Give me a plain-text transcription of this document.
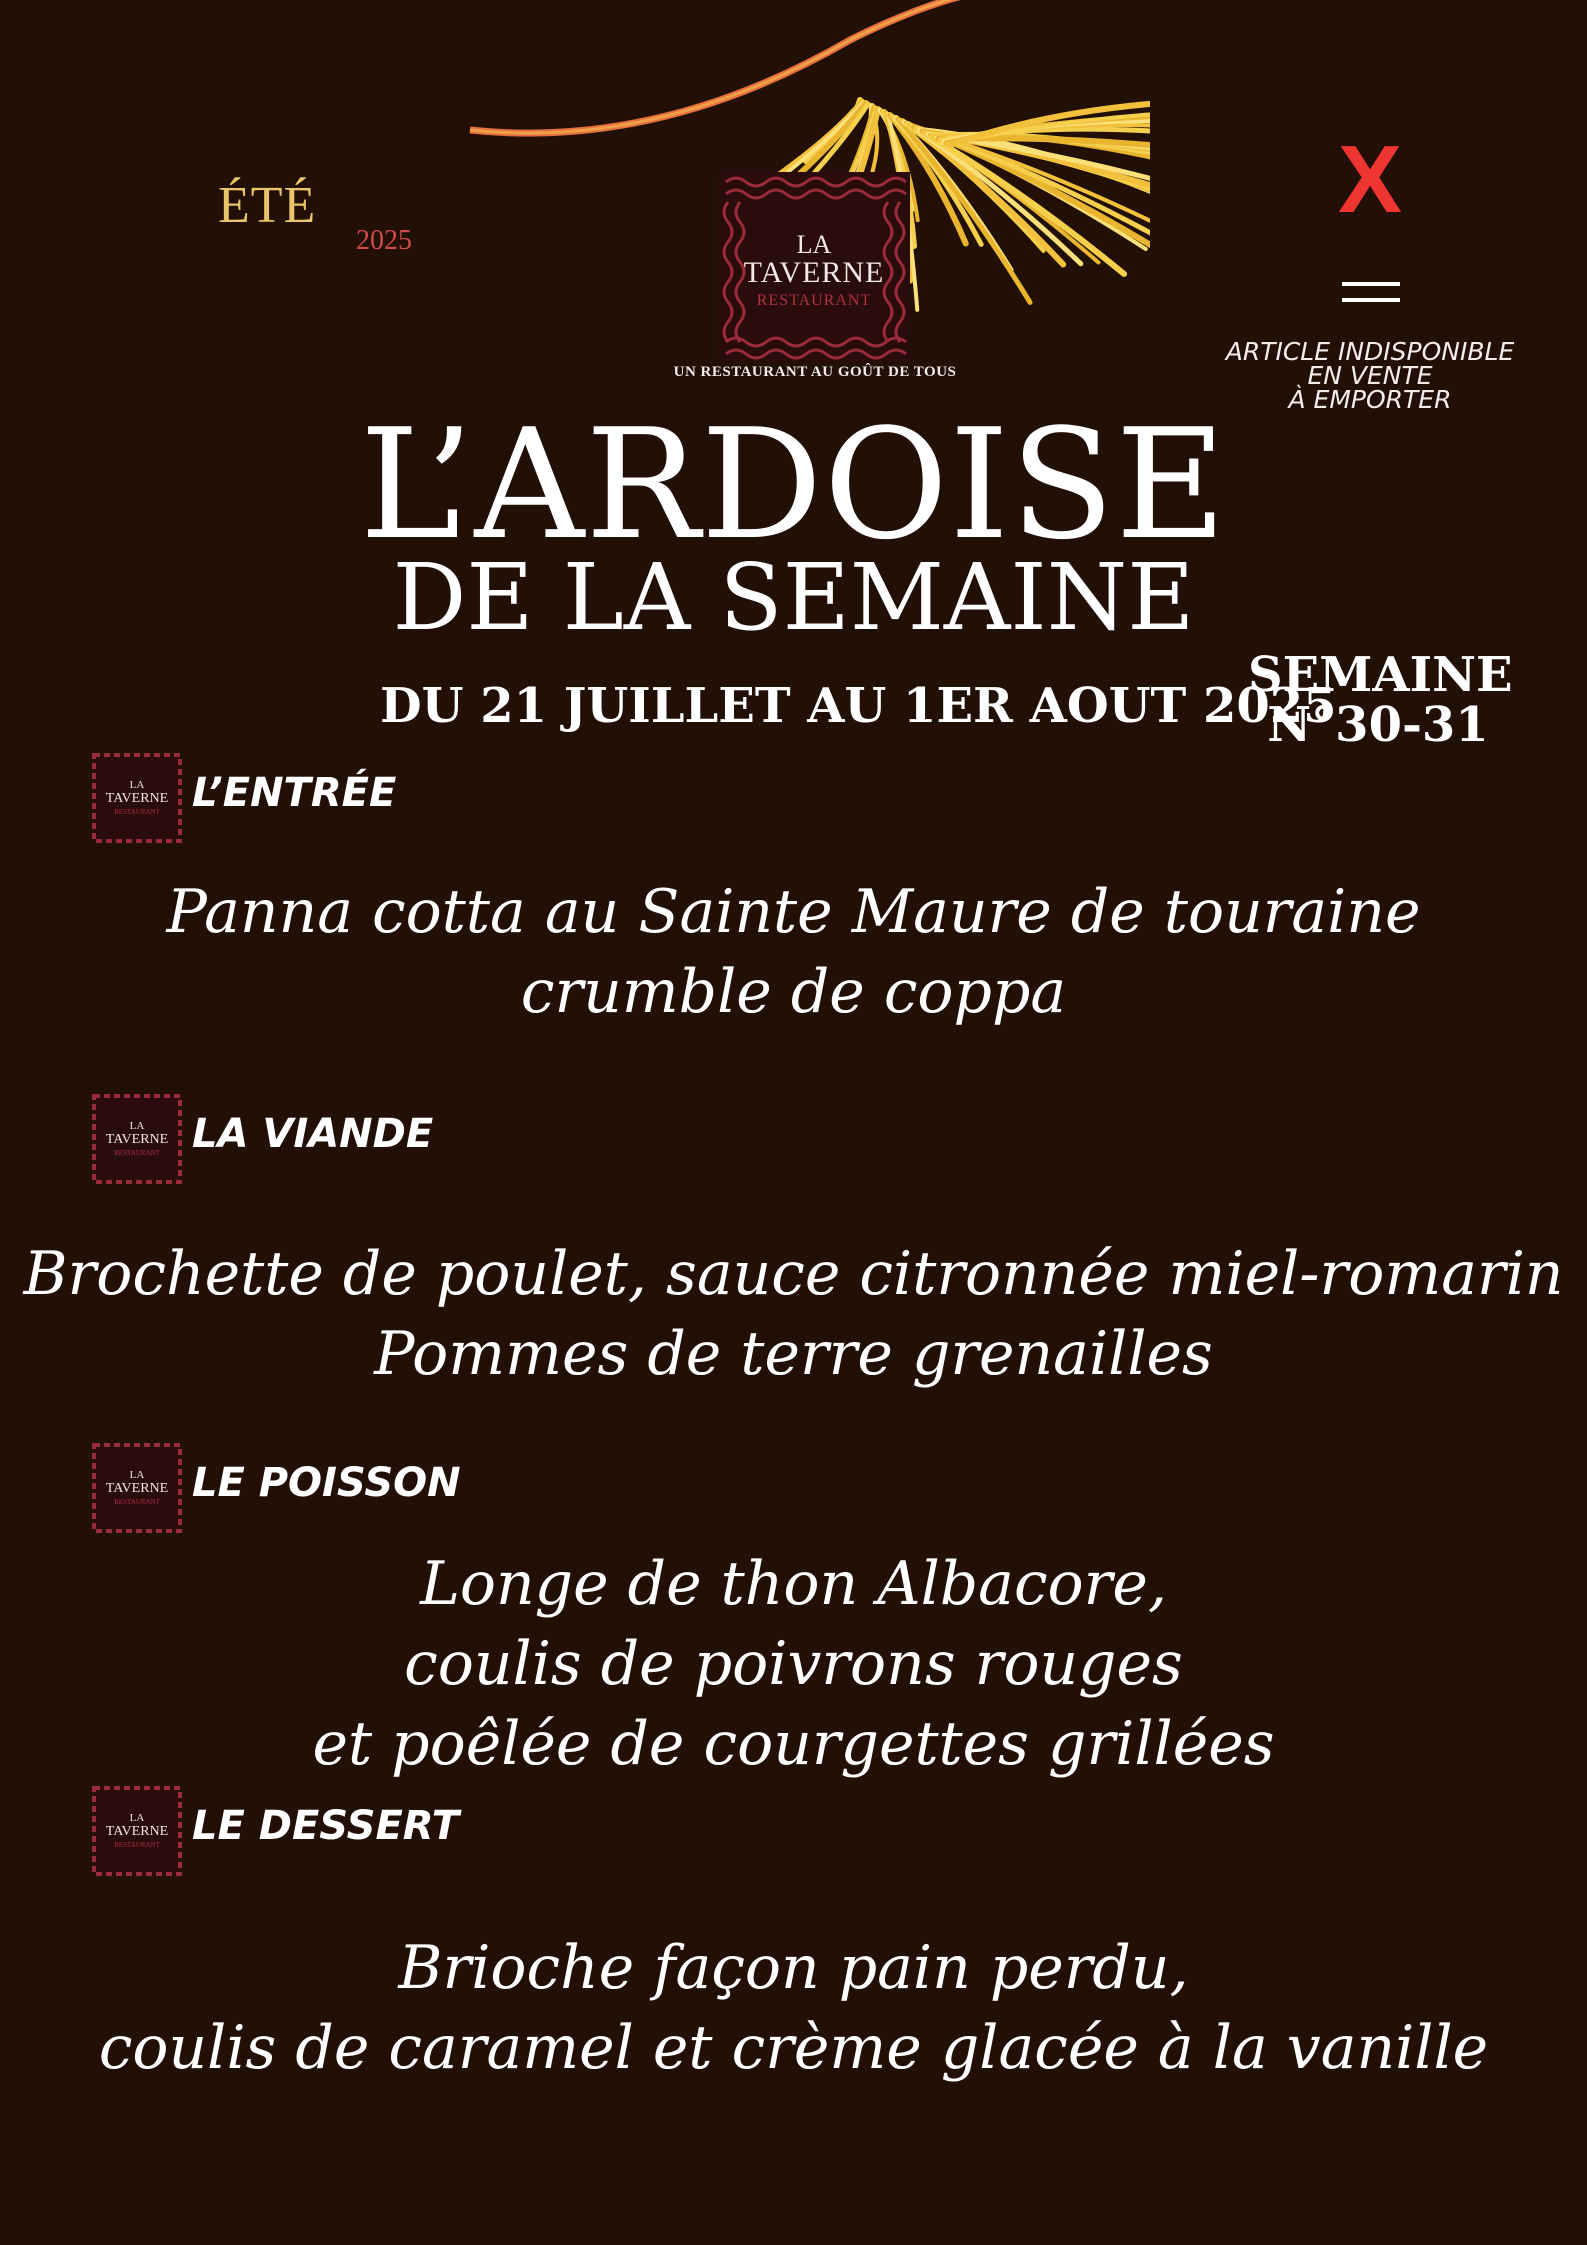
ÉTÉ
2025	LA
TAVERNE
RESTAURANT
UN RESTAURANT AU GOÛT DE TOUS
X
ARTICLE INDISPONIBLE
EN VENTE
À EMPORTER
L’ARDOISE
DE LA SEMAINE
DU 21 JUILLET AU 1ER AOUT 2025
SEMAINE
N°30-31
LA
TAVERNE
RESTAURANT L’ENTRÉE
Panna cotta au Sainte Maure de touraine
crumble de coppa
LA
TAVERNE
RESTAURANT LA VIANDE
Brochette de poulet, sauce citronnée miel-romarin
Pommes de terre grenailles
LA
TAVERNE
RESTAURANT LE POISSON
Longe de thon Albacore,
coulis de poivrons rouges
et poêlée de courgettes grillées
LA
TAVERNE
RESTAURANT LE DESSERT
Brioche façon pain perdu,
coulis de caramel et crème glacée à la vanille
